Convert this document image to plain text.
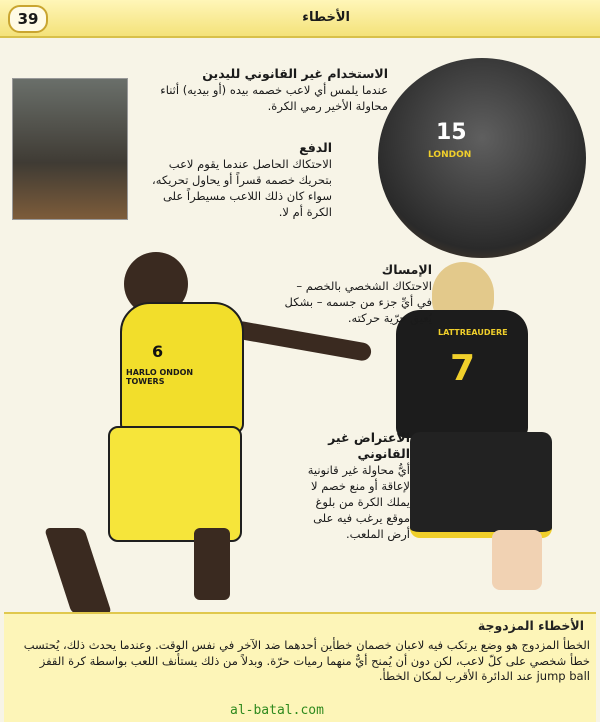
39	الأخطاء
15
LONDON
الاستخدام غير القانوني لليدين

عندما يلمس أي لاعب خصمه بيده (أو بيديه) أثناء محاولة الأخير رمي الكرة.

الدفع

الاحتكاك الحاصل عندما يقوم لاعب بتحريك خصمه قسراً أو يحاول تحريكه، سواء كان ذلك اللاعب مسيطراً على الكرة أم لا.

6
HARLO ONDON TOWERS
LATTREAUDERE
7
الإمساك

الاحتكاك الشخصي بالخصم – في أيِّ جزء من جسمه – بشكل يُعيق حرّية حركته.

الاعتراض غير القانوني

أيُّ محاولة غير قانونية لإعاقة أو منع خصم لا يملك الكرة من بلوغ موقع يرغب فيه على أرض الملعب.

الأخطاء المزدوجة
الخطأ المزدوج هو وضع يرتكب فيه لاعبان خصمان خطأين أحدهما ضد الآخر في نفس الوقت. وعندما يحدث ذلك، يُحتسب خطأ شخصي على كلّ لاعب، لكن دون أن يُمنح أيٌّ منهما رميات حرّة. وبدلاً من ذلك يستأنف اللعب بواسطة كرة القفز jump ball عند الدائرة الأقرب لمكان الخطأ.
al-batal.com
